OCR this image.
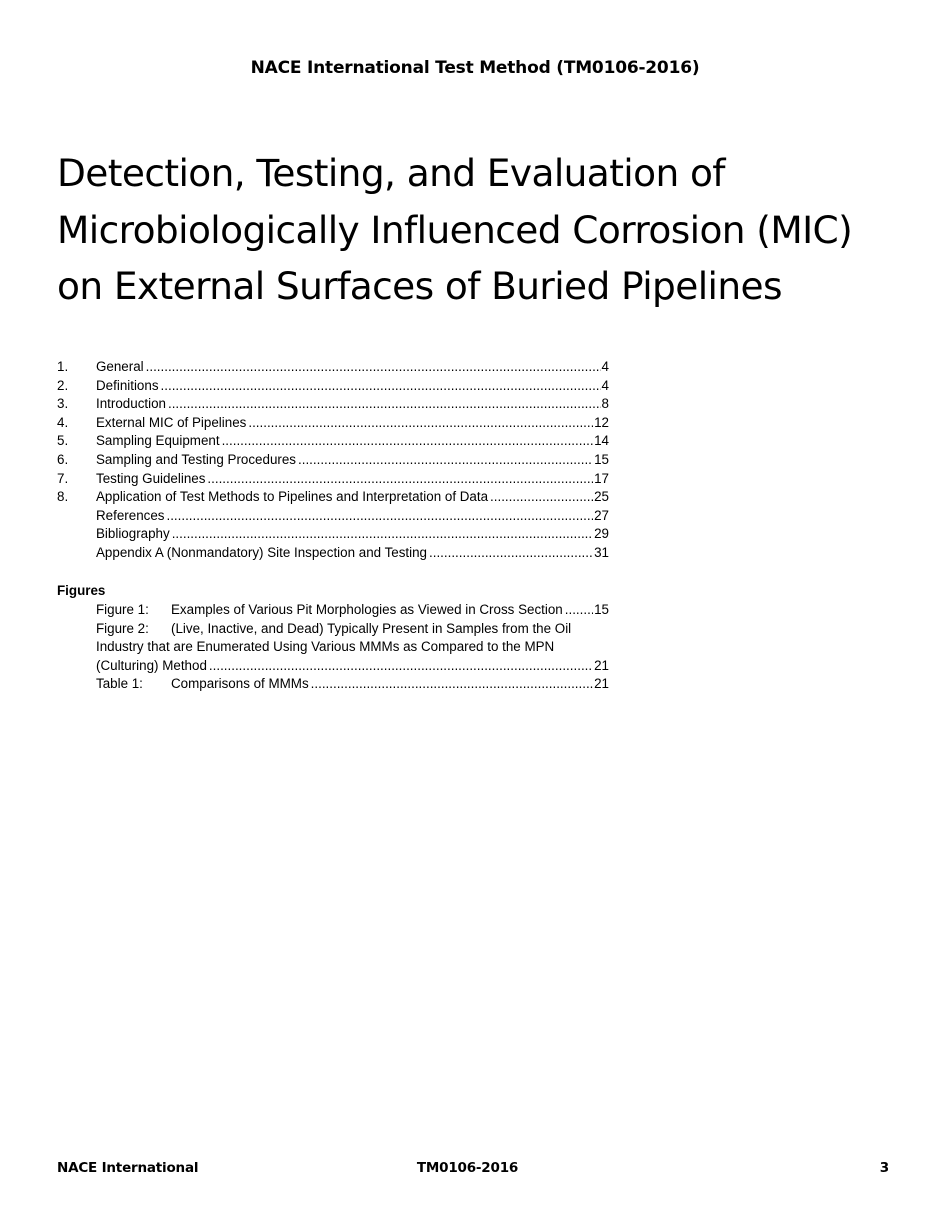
NACE International Test Method (TM0106-2016)
Detection, Testing, and Evaluation of
Microbiologically Influenced Corrosion (MIC)
on External Surfaces of Buried Pipelines
1.	General .....	4
2.	Definitions .....	4
3.	Introduction .....	8
4.	External MIC of Pipelines .....	12
5.	Sampling Equipment .....	14
6.	Sampling and Testing Procedures .....	15
7.	Testing Guidelines .....	17
8.	Application of Test Methods to Pipelines and Interpretation of Data .....	25
References .....	27
Bibliography .....	29
Appendix A (Nonmandatory) Site Inspection and Testing .....	31
Figures
Figure 1:	Examples of Various Pit Morphologies as Viewed in Cross Section ..... 15
Figure 2:	(Live, Inactive, and Dead) Typically Present in Samples from the Oil
Industry that are Enumerated Using Various MMMs as Compared to the MPN
(Culturing) Method .....	21
Table 1:	Comparisons of MMMs .....	21
NACE International	TM0106-2016	3
